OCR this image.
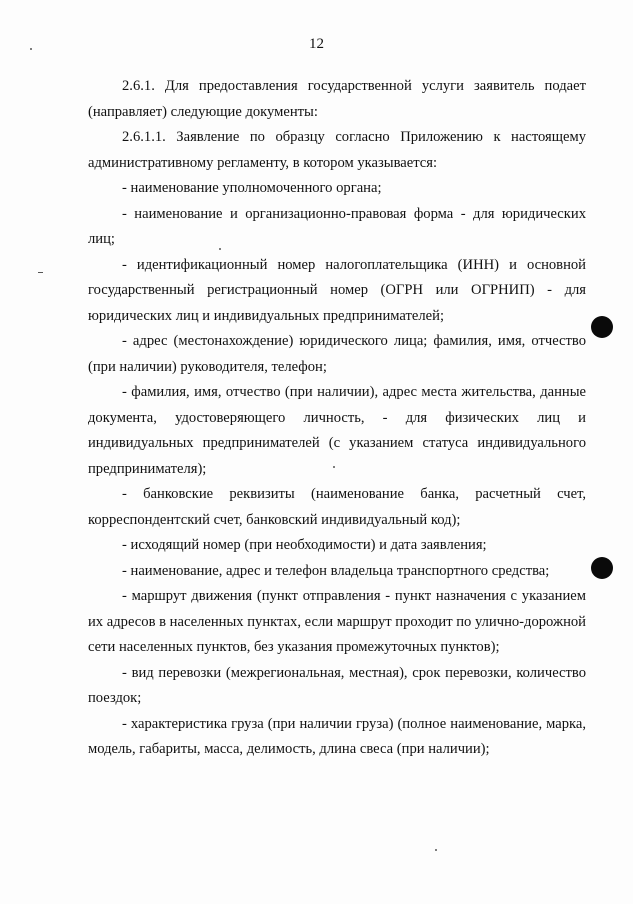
12

2.6.1. Для предоставления государственной услуги заявитель подает (направляет) следующие документы:

2.6.1.1. Заявление по образцу согласно Приложению к настоящему административному регламенту, в котором указывается:

- наименование уполномоченного органа;

- наименование и организационно-правовая форма - для юридических лиц;

- идентификационный номер налогоплательщика (ИНН) и основной государственный регистрационный номер (ОГРН или ОГРНИП) - для юридических лиц и индивидуальных предпринимателей;

- адрес (местонахождение) юридического лица; фамилия, имя, отчество (при наличии) руководителя, телефон;

- фамилия, имя, отчество (при наличии), адрес места жительства, данные документа, удостоверяющего личность, - для физических лиц и индивидуальных предпринимателей (с указанием статуса индивидуального предпринимателя);

- банковские реквизиты (наименование банка, расчетный счет, корреспондентский счет, банковский индивидуальный код);

- исходящий номер (при необходимости) и дата заявления;

- наименование, адрес и телефон владельца транспортного средства;

- маршрут движения (пункт отправления - пункт назначения с указанием их адресов в населенных пунктах, если маршрут проходит по улично-дорожной сети населенных пунктов, без указания промежуточных пунктов);

- вид перевозки (межрегиональная, местная), срок перевозки, количество поездок;

- характеристика груза (при наличии груза) (полное наименование, марка, модель, габариты, масса, делимость, длина свеса (при наличии);
